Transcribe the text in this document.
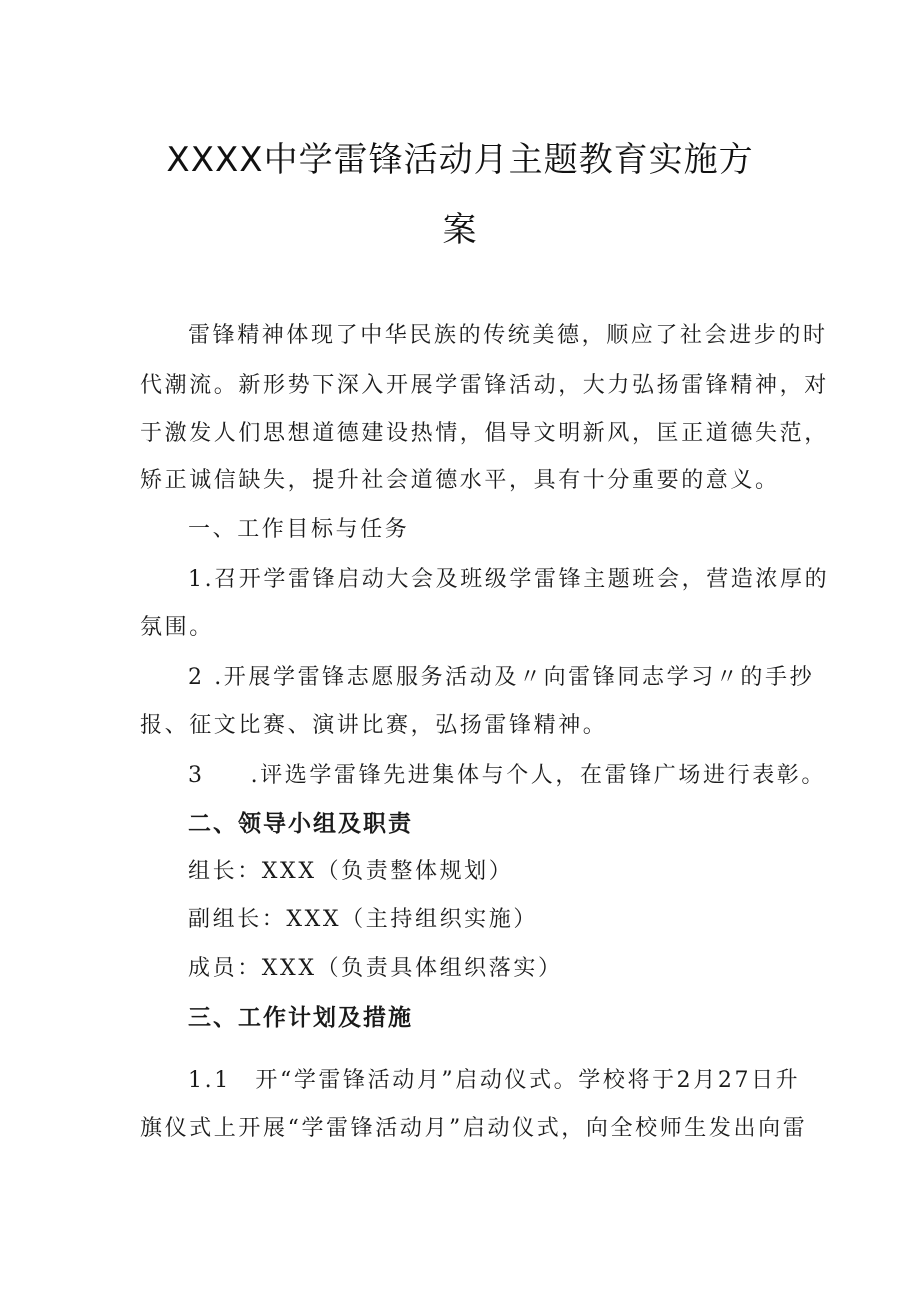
XXXX中学雷锋活动月主题教育实施方
案
雷锋精神体现了中华民族的传统美德，顺应了社会进步的时
代潮流。新形势下深入开展学雷锋活动，大力弘扬雷锋精神，对
于激发人们思想道德建设热情，倡导文明新风，匡正道德失范，
矫正诚信缺失，提升社会道德水平，具有十分重要的意义。
一、工作目标与任务
1.召开学雷锋启动大会及班级学雷锋主题班会，营造浓厚的
氛围。
2 .开展学雷锋志愿服务活动及〃向雷锋同志学习〃的手抄
报、征文比赛、演讲比赛，弘扬雷锋精神。
3 .评选学雷锋先进集体与个人，在雷锋广场进行表彰。
二、领导小组及职责
组长：XXX（负责整体规划）
副组长：XXX（主持组织实施）
成员：XXX（负责具体组织落实）
三、工作计划及措施
1.1　开“学雷锋活动月”启动仪式。学校将于2月27日升
旗仪式上开展“学雷锋活动月”启动仪式，向全校师生发出向雷
